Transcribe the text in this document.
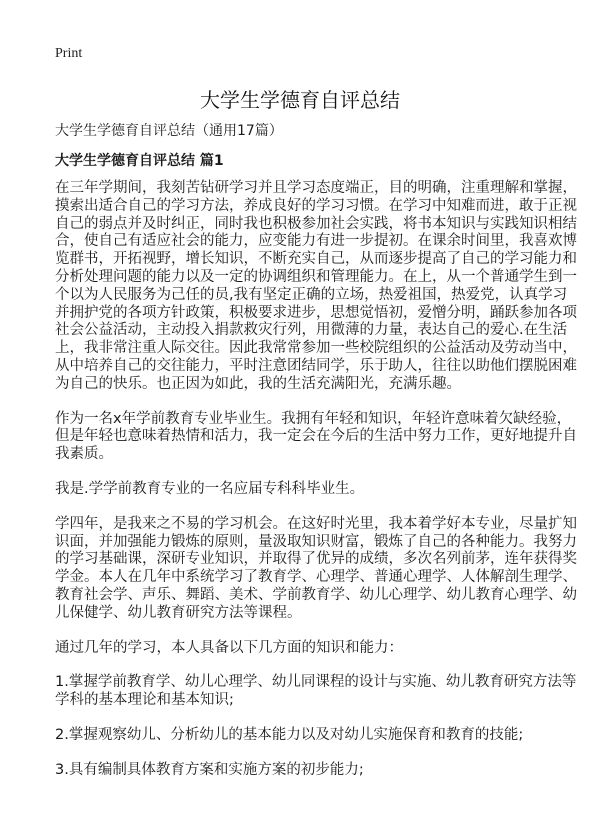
Print
大学生学德育自评总结
大学生学德育自评总结（通用17篇）
大学生学德育自评总结 篇1
在三年学期间，我刻苦钻研学习并且学习态度端正，目的明确，注重理解和掌握，
摸索出适合自己的学习方法，养成良好的学习习惯。在学习中知难而进，敢于正视
自己的弱点并及时纠正，同时我也积极参加社会实践，将书本知识与实践知识相结
合，使自己有适应社会的能力，应变能力有进一步提初。在课余时间里，我喜欢博
览群书，开拓视野，增长知识，不断充实自己，从而逐步提高了自己的学习能力和
分析处理问题的能力以及一定的协调组织和管理能力。在上，从一个普通学生到一
个以为人民服务为己任的员,我有坚定正确的立场，热爱祖国，热爱党，认真学习
并拥护党的各项方针政策，积极要求进步，思想觉悟初，爱憎分明，踊跃参加各项
社会公益活动，主动投入捐款救灾行列，用微薄的力量，表达自己的爱心.在生活
上，我非常注重人际交往。因此我常常参加一些校院组织的公益活动及劳动当中，
从中培养自己的交往能力，平时注意团结同学，乐于助人，往往以助他们摆脱困难
为自己的快乐。也正因为如此，我的生活充满阳光，充满乐趣。
作为一名x年学前教育专业毕业生。我拥有年轻和知识，年轻许意味着欠缺经验，
但是年轻也意味着热情和活力，我一定会在今后的生活中努力工作，更好地提升自
我素质。
我是.学学前教育专业的一名应届专科科毕业生。
学四年，是我来之不易的学习机会。在这好时光里，我本着学好本专业，尽量扩知
识面，并加强能力锻炼的原则，量汲取知识财富，锻炼了自己的各种能力。我努力
的学习基础课，深研专业知识，并取得了优异的成绩，多次名列前茅，连年获得奖
学金。本人在几年中系统学习了教育学、心理学、普通心理学、人体解剖生理学、
教育社会学、声乐、舞蹈、美术、学前教育学、幼儿心理学、幼儿教育心理学、幼
儿保健学、幼儿教育研究方法等课程。
通过几年的学习，本人具备以下几方面的知识和能力：
1.掌握学前教育学、幼儿心理学、幼儿同课程的设计与实施、幼儿教育研究方法等
学科的基本理论和基本知识;
2.掌握观察幼儿、分析幼儿的基本能力以及对幼儿实施保育和教育的技能;
3.具有编制具体教育方案和实施方案的初步能力;
